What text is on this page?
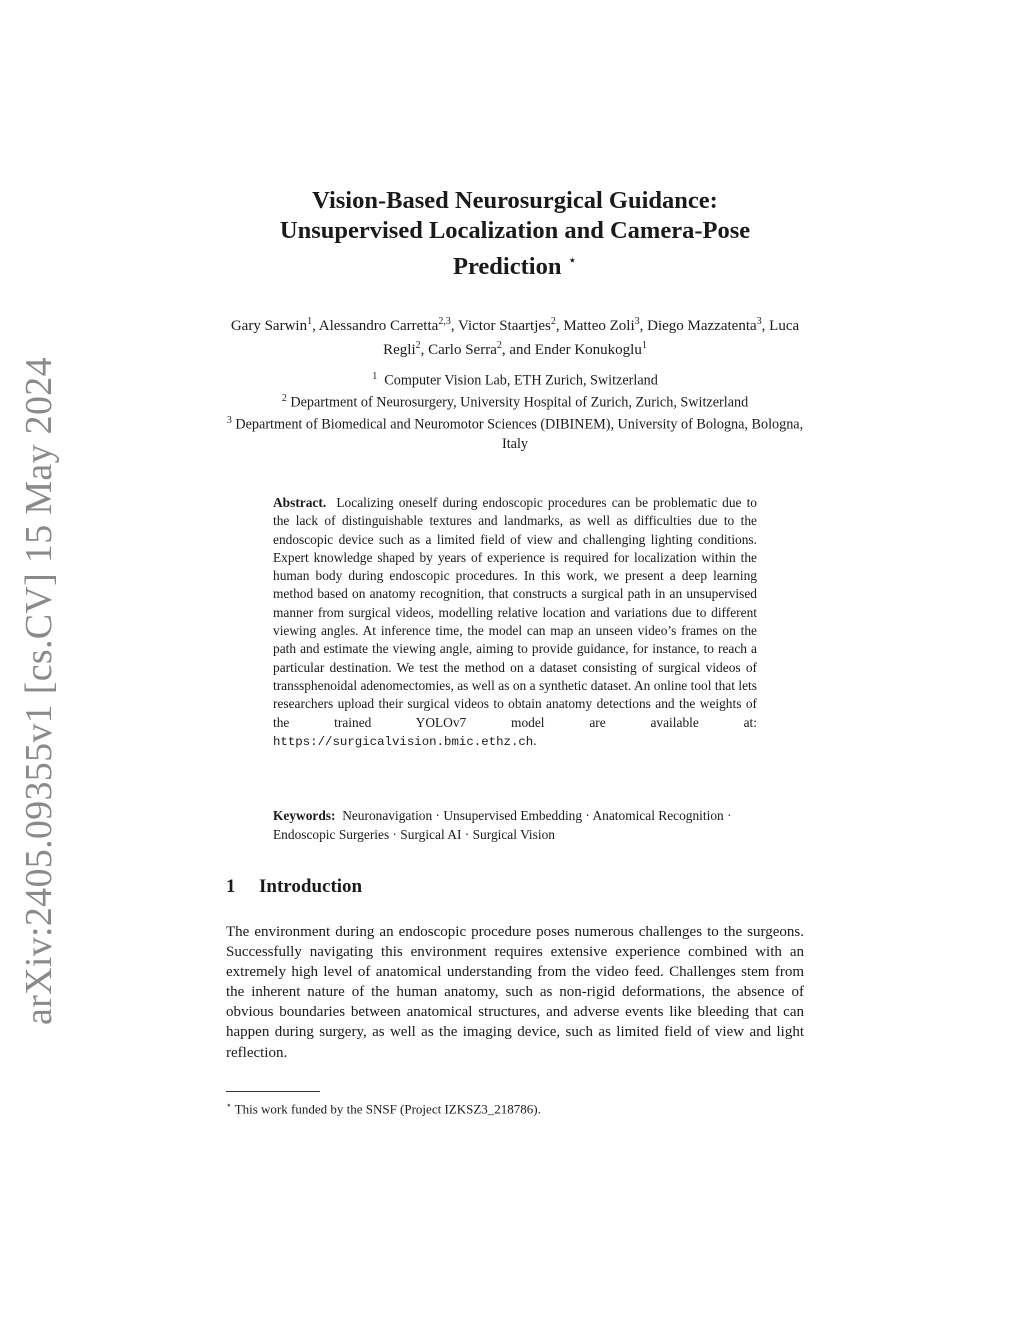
arXiv:2405.09355v1 [cs.CV] 15 May 2024
Vision-Based Neurosurgical Guidance:
Unsupervised Localization and Camera-Pose
Prediction ⋆
Gary Sarwin$^1$, Alessandro Carretta$^{2,3}$, Victor Staartjes$^2$, Matteo Zoli$^3$, Diego Mazzatenta$^3$, Luca Regli$^2$, Carlo Serra$^2$, and Ender Konukoglu$^1$

$^1$ Computer Vision Lab, ETH Zurich, Switzerland

$^2$ Department of Neurosurgery, University Hospital of Zurich, Zurich, Switzerland

$^3$ Department of Biomedical and Neuromotor Sciences (DIBINEM), University of Bologna, Bologna, Italy

Abstract. Localizing oneself during endoscopic procedures can be problematic due to the lack of distinguishable textures and landmarks, as well as difficulties due to the endoscopic device such as a limited field of view and challenging lighting conditions. Expert knowledge shaped by years of experience is required for localization within the human body during endoscopic procedures. In this work, we present a deep learning method based on anatomy recognition, that constructs a surgical path in an unsupervised manner from surgical videos, modelling relative location and variations due to different viewing angles. At inference time, the model can map an unseen video’s frames on the path and estimate the viewing angle, aiming to provide guidance, for instance, to reach a particular destination. We test the method on a dataset consisting of surgical videos of transsphenoidal adenomectomies, as well as on a synthetic dataset. An online tool that lets researchers upload their surgical videos to obtain anatomy detections and the weights of the trained YOLOv7 model are available at: https://surgicalvision.bmic.ethz.ch.

Keywords: Neuronavigation · Unsupervised Embedding · Anatomical Recognition · Endoscopic Surgeries · Surgical AI · Surgical Vision

1 Introduction

The environment during an endoscopic procedure poses numerous challenges to the surgeons. Successfully navigating this environment requires extensive experience combined with an extremely high level of anatomical understanding from the video feed. Challenges stem from the inherent nature of the human anatomy, such as non-rigid deformations, the absence of obvious boundaries between anatomical structures, and adverse events like bleeding that can happen during surgery, as well as the imaging device, such as limited field of view and light reflection.

⋆ This work funded by the SNSF (Project IZKSZ3_218786).
